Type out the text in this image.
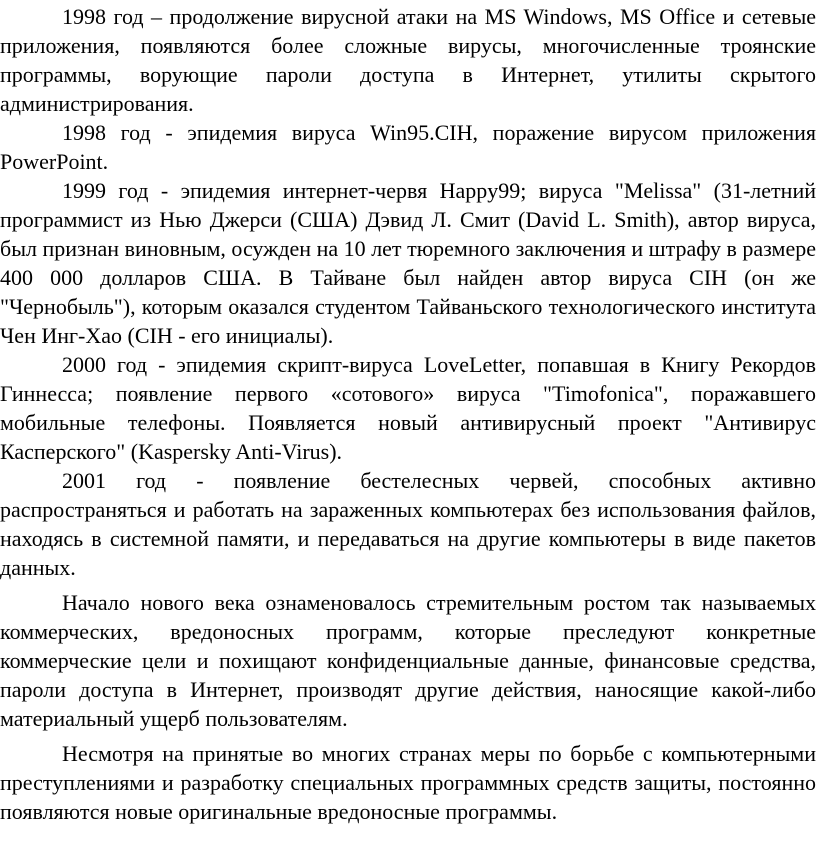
1998 год – продолжение вирусной атаки на MS Windows, MS Office и сетевые приложения, появляются более сложные вирусы, многочисленные троянские программы, ворующие пароли доступа в Интернет, утилиты скрытого администрирования.

1998 год - эпидемия вируса Win95.CIH, поражение вирусом приложения PowerPoint.

1999 год - эпидемия интернет-червя Happy99; вируса "Melissa" (31-летний программист из Нью Джерси (США) Дэвид Л. Смит (David L. Smith), автор вируса, был признан виновным, осужден на 10 лет тюремного заключения и штрафу в размере 400 000 долларов США. В Тайване был найден автор вируса CIH (он же "Чернобыль"), которым оказался студентом Тайваньского технологического института Чен Инг-Хао (CIH - его инициалы).

2000 год - эпидемия скрипт-вируса LoveLetter, попавшая в Книгу Рекордов Гиннесса; появление первого «сотового» вируса "Timofonica", поражавшего мобильные телефоны. Появляется новый антивирусный проект "Антивирус Касперского" (Kaspersky Anti-Virus).

2001 год - появление бестелесных червей, способных активно распространяться и работать на зараженных компьютерах без использования файлов, находясь в системной памяти, и передаваться на другие компьютеры в виде пакетов данных.

Начало нового века ознаменовалось стремительным ростом так называемых коммерческих, вредоносных программ, которые преследуют конкретные коммерческие цели и похищают конфиденциальные данные, финансовые средства, пароли доступа в Интернет, производят другие действия, наносящие какой-либо материальный ущерб пользователям.

Несмотря на принятые во многих странах меры по борьбе с компьютерными преступлениями и разработку специальных программных средств защиты, постоянно появляются новые оригинальные вредоносные программы.
